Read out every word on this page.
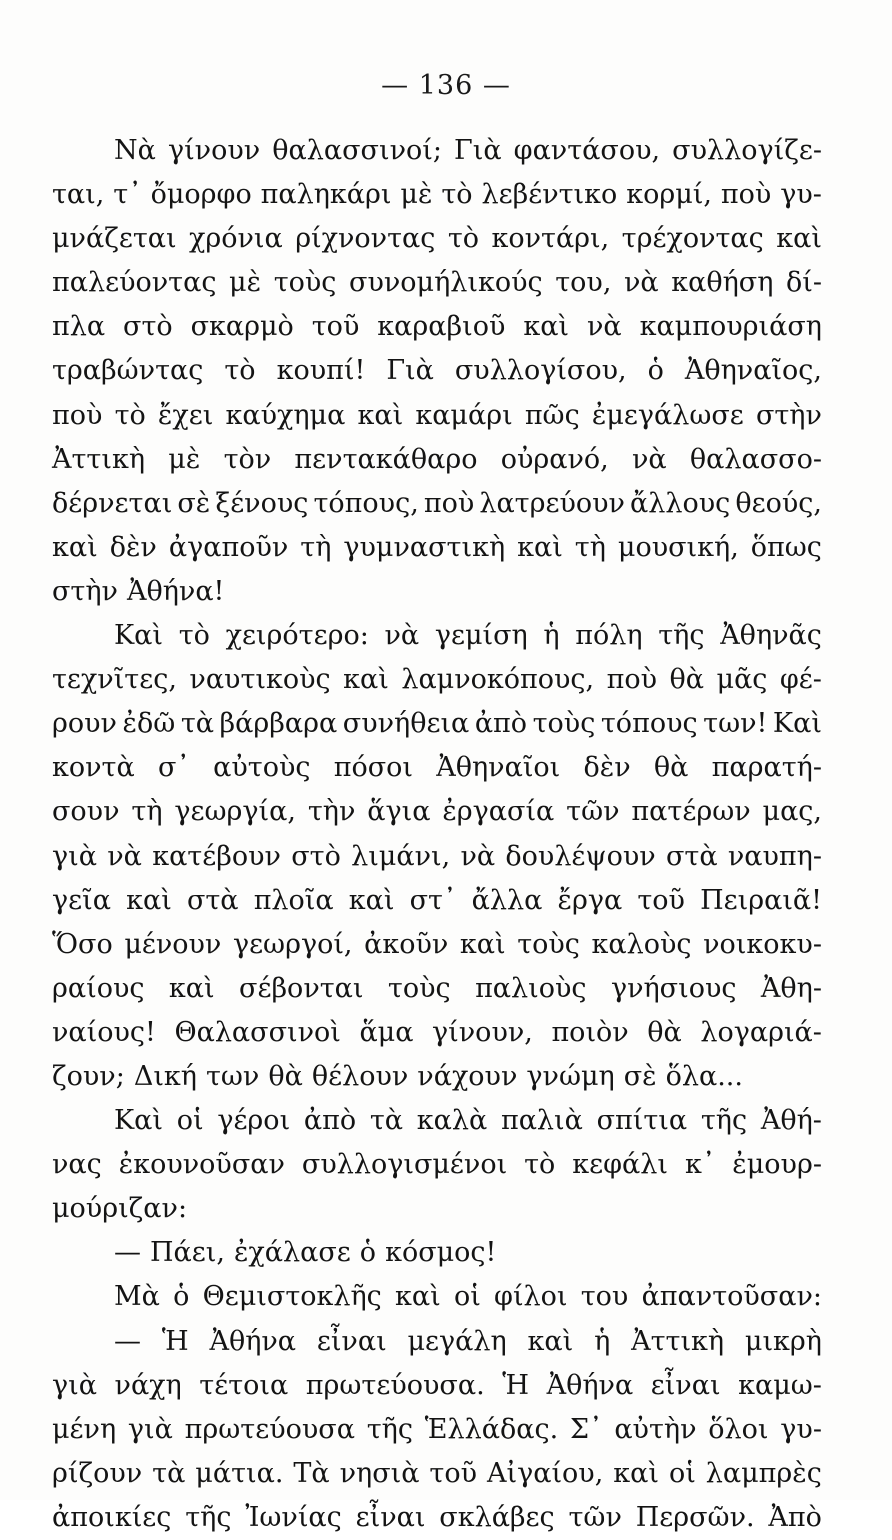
— 136 —
Νὰ γίνουν θαλασσινοί; Γιὰ φαντάσου, συλλογίζε-
ται, τ᾽ ὄμορφο παληκάρι μὲ τὸ λεβέντικο κορμί, ποὺ γυ-
μνάζεται χρόνια ρίχνοντας τὸ κοντάρι, τρέχοντας καὶ
παλεύοντας μὲ τοὺς συνομήλικούς του, νὰ καθήση δί-
πλα στὸ σκαρμὸ τοῦ καραβιοῦ καὶ νὰ καμπουριάση
τραβώντας τὸ κουπί! Γιὰ συλλογίσου, ὁ Ἀθηναῖος,
ποὺ τὸ ἔχει καύχημα καὶ καμάρι πῶς ἐμεγάλωσε στὴν
Ἀττικὴ μὲ τὸν πεντακάθαρο οὐρανό, νὰ θαλασσο-
δέρνεται σὲ ξένους τόπους, ποὺ λατρεύουν ἄλλους θεούς,
καὶ δὲν ἀγαποῦν τὴ γυμναστικὴ καὶ τὴ μουσική, ὅπως
στὴν Ἀθήνα!
Καὶ τὸ χειρότερο: νὰ γεμίση ἡ πόλη τῆς Ἀθηνᾶς
τεχνῖτες, ναυτικοὺς καὶ λαμνοκόπους, ποὺ θὰ μᾶς φέ-
ρουν ἐδῶ τὰ βάρβαρα συνήθεια ἀπὸ τοὺς τόπους των! Καὶ
κοντὰ σ᾽ αὐτοὺς πόσοι Ἀθηναῖοι δὲν θὰ παρατή-
σουν τὴ γεωργία, τὴν ἅγια ἐργασία τῶν πατέρων μας,
γιὰ νὰ κατέβουν στὸ λιμάνι, νὰ δουλέψουν στὰ ναυπη-
γεῖα καὶ στὰ πλοῖα καὶ στ᾽ ἄλλα ἔργα τοῦ Πειραιᾶ!
Ὅσο μένουν γεωργοί, ἀκοῦν καὶ τοὺς καλοὺς νοικοκυ-
ραίους καὶ σέβονται τοὺς παλιοὺς γνήσιους Ἀθη-
ναίους! Θαλασσινοὶ ἅμα γίνουν, ποιὸν θὰ λογαριά-
ζουν; Δική των θὰ θέλουν νάχουν γνώμη σὲ ὅλα...
Καὶ οἱ γέροι ἀπὸ τὰ καλὰ παλιὰ σπίτια τῆς Ἀθή-
νας ἐκουνοῦσαν συλλογισμένοι τὸ κεφάλι κ᾽ ἐμουρ-
μούριζαν:
— Πάει, ἐχάλασε ὁ κόσμος!
Μὰ ὁ Θεμιστοκλῆς καὶ οἱ φίλοι του ἀπαντοῦσαν:
— Ἡ Ἀθήνα εἶναι μεγάλη καὶ ἡ Ἀττικὴ μικρὴ
γιὰ νάχη τέτοια πρωτεύουσα. Ἡ Ἀθήνα εἶναι καμω-
μένη γιὰ πρωτεύουσα τῆς Ἑλλάδας. Σ᾽ αὐτὴν ὅλοι γυ-
ρίζουν τὰ μάτια. Τὰ νησιὰ τοῦ Αἰγαίου, καὶ οἱ λαμπρὲς
ἀποικίες τῆς Ἰωνίας εἶναι σκλάβες τῶν Περσῶν. Ἀπὸ
